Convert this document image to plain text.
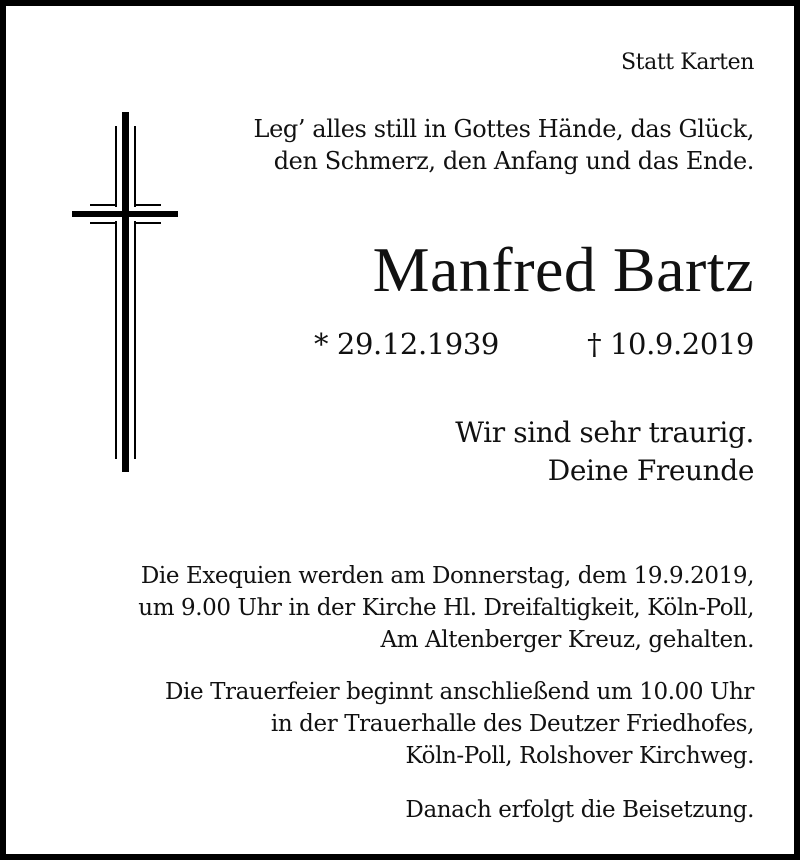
Statt Karten
Leg’ alles still in Gottes Hände, das Glück,
den Schmerz, den Anfang und das Ende.
Manfred Bartz
* 29.12.1939	† 10.9.2019
Wir sind sehr traurig.
Deine Freunde
Die Exequien werden am Donnerstag, dem 19.9.2019,
um 9.00 Uhr in der Kirche Hl. Dreifaltigkeit, Köln-Poll,
Am Altenberger Kreuz, gehalten.
Die Trauerfeier beginnt anschließend um 10.00 Uhr
in der Trauerhalle des Deutzer Friedhofes,
Köln-Poll, Rolshover Kirchweg.
Danach erfolgt die Beisetzung.
